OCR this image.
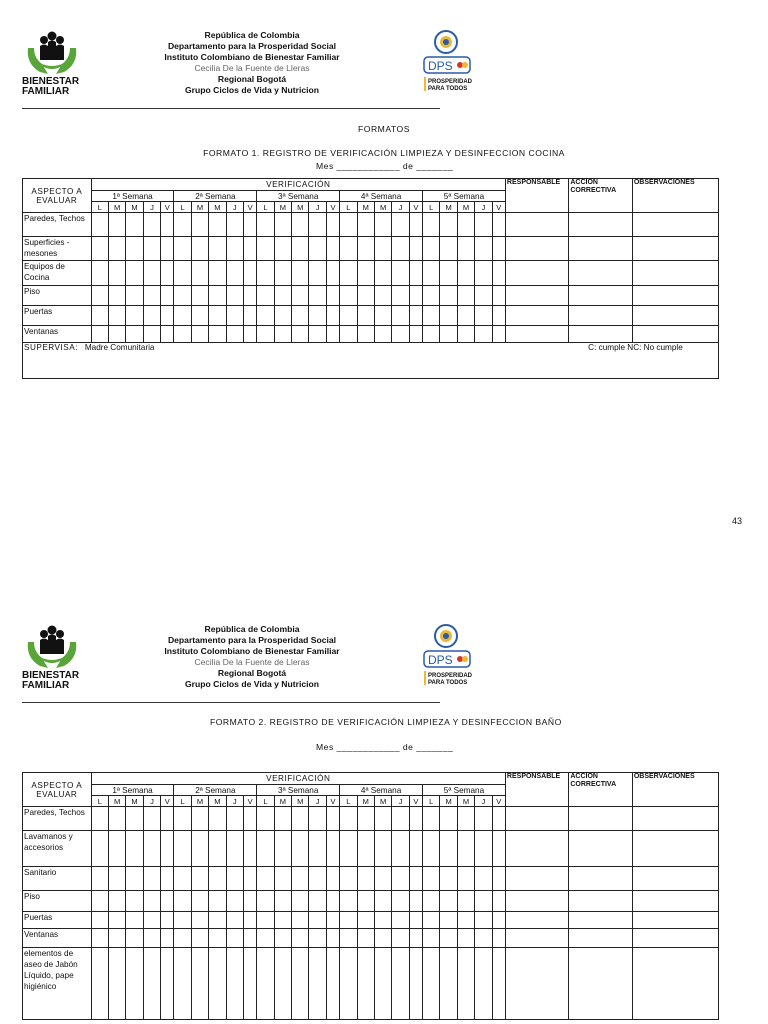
BIENESTAR
FAMILIAR
República de Colombia
Departamento para la Prosperidad Social
Instituto Colombiano de Bienestar Familiar
Cecilia De la Fuente de Lleras
Regional Bogotá
Grupo Ciclos de Vida y Nutricion
DPS
PROSPERIDAD
PARA TODOS
FORMATOS
FORMATO 1. REGISTRO DE VERIFICACIÓN LIMPIEZA Y DESINFECCION COCINA
Mes ____________ de _______
ASPECTO A EVALUAR	VERIFICACIÓN																									RESPONSABLE	ACCION CORRECTIVA	OBSERVACIONES
	1ª Semana					2ª Semana					3ª Semana					4ª Semana					5ª Semana							
	L	M	M	J	V	L	M	M	J	V	L	M	M	J	V	L	M	M	J	V	L	M	M	J	V			
Paredes, Techos																												
Superficies - mesones																												
Equipos de Cocina																												
Piso																												
Puertas																												
Ventanas																												
SUPERVISA: Madre Comunitaria C: cumple NC: No cumple																												
43
BIENESTAR
FAMILIAR
República de Colombia
Departamento para la Prosperidad Social
Instituto Colombiano de Bienestar Familiar
Cecilia De la Fuente de Lleras
Regional Bogotá
Grupo Ciclos de Vida y Nutricion
DPS
PROSPERIDAD
PARA TODOS
FORMATO 2. REGISTRO DE VERIFICACIÓN LIMPIEZA Y DESINFECCION BAÑO
Mes ____________ de _______
ASPECTO A EVALUAR	VERIFICACIÓN																									RESPONSABLE	ACCION CORRECTIVA	OBSERVACIONES
	1ª Semana					2ª Semana					3ª Semana					4ª Semana					5ª Semana							
	L	M	M	J	V	L	M	M	J	V	L	M	M	J	V	L	M	M	J	V	L	M	M	J	V			
Paredes, Techos																												
Lavamanos y accesorios																												
Sanitario																												
Piso																												
Puertas																												
Ventanas																												
elementos de aseo de Jabón Líquido, pape higiénico																												
